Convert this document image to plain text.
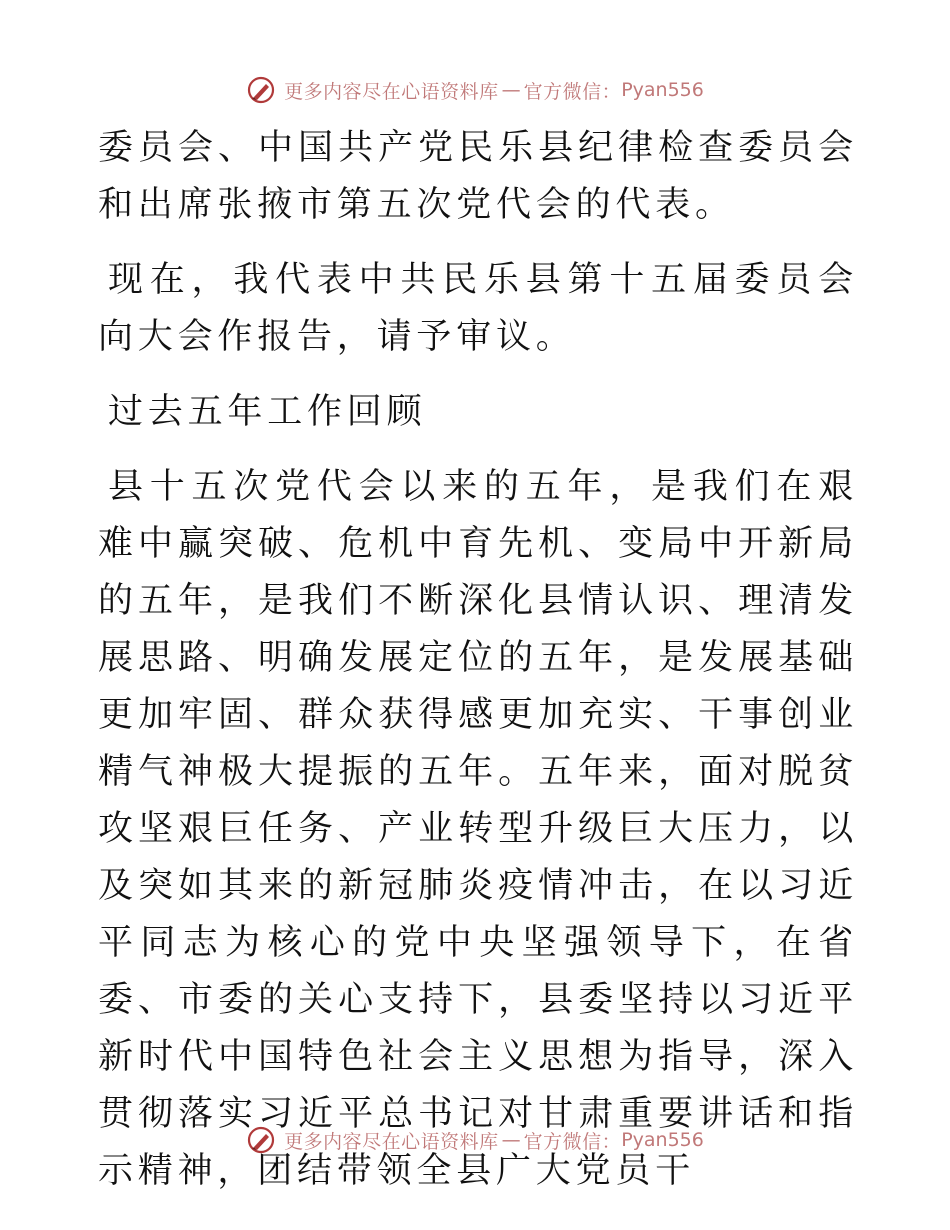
更多内容尽在心语资料库 — 官方微信： Pyan556

委员会、中国共产党民乐县纪律检查委员会和出席张掖市第五次党代会的代表。

现在，我代表中共民乐县第十五届委员会向大会作报告，请予审议。

过去五年工作回顾

县十五次党代会以来的五年，是我们在艰难中赢突破、危机中育先机、变局中开新局的五年，是我们不断深化县情认识、理清发展思路、明确发展定位的五年，是发展基础更加牢固、群众获得感更加充实、干事创业精气神极大提振的五年。五年来，面对脱贫攻坚艰巨任务、产业转型升级巨大压力，以及突如其来的新冠肺炎疫情冲击，在以习近平同志为核心的党中央坚强领导下，在省委、市委的关心支持下，县委坚持以习近平新时代中国特色社会主义思想为指导，深入贯彻落实习近平总书记对甘肃重要讲话和指示精神，团结带领全县广大党员干

更多内容尽在心语资料库 — 官方微信： Pyan556
